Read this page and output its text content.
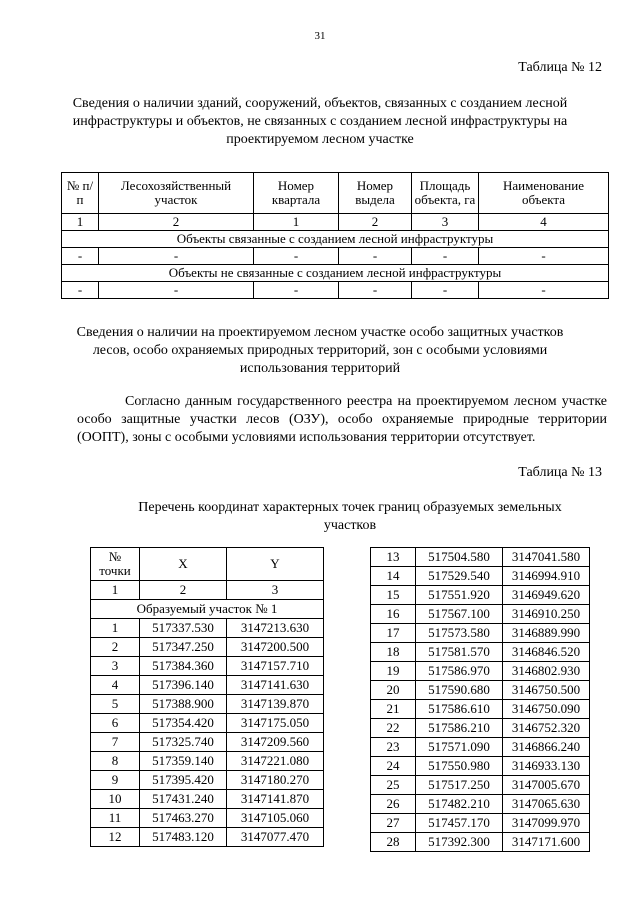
31
Таблица № 12
Сведения о наличии зданий, сооружений, объектов, связанных с созданием лесной инфраструктуры и объектов, не связанных с созданием лесной инфраструктуры на проектируемом лесном участке
№ п/п	Лесохозяйственный участок	Номер квартала	Номер выдела	Площадь объекта, га	Наименование объекта
1	2	1	2	3	4
Объекты связанные с созданием лесной инфраструктуры					
-	-	-	-	-	-
Объекты не связанные с созданием лесной инфраструктуры					
-	-	-	-	-	-
Сведения о наличии на проектируемом лесном участке особо защитных участков лесов, особо охраняемых природных территорий, зон с особыми условиями использования территорий
Согласно данным государственного реестра на проектируемом лесном участке особо защитные участки лесов (ОЗУ), особо охраняемые природные территории (ООПТ), зоны с особыми условиями использования территории отсутствует.
Таблица № 13
Перечень координат характерных точек границ образуемых земельных участков
№ точки	X	Y
1	2	3
Образуемый участок № 1		
1	517337.530	3147213.630
2	517347.250	3147200.500
3	517384.360	3147157.710
4	517396.140	3147141.630
5	517388.900	3147139.870
6	517354.420	3147175.050
7	517325.740	3147209.560
8	517359.140	3147221.080
9	517395.420	3147180.270
10	517431.240	3147141.870
11	517463.270	3147105.060
12	517483.120	3147077.470
13	517504.580	3147041.580
14	517529.540	3146994.910
15	517551.920	3146949.620
16	517567.100	3146910.250
17	517573.580	3146889.990
18	517581.570	3146846.520
19	517586.970	3146802.930
20	517590.680	3146750.500
21	517586.610	3146750.090
22	517586.210	3146752.320
23	517571.090	3146866.240
24	517550.980	3146933.130
25	517517.250	3147005.670
26	517482.210	3147065.630
27	517457.170	3147099.970
28	517392.300	3147171.600
